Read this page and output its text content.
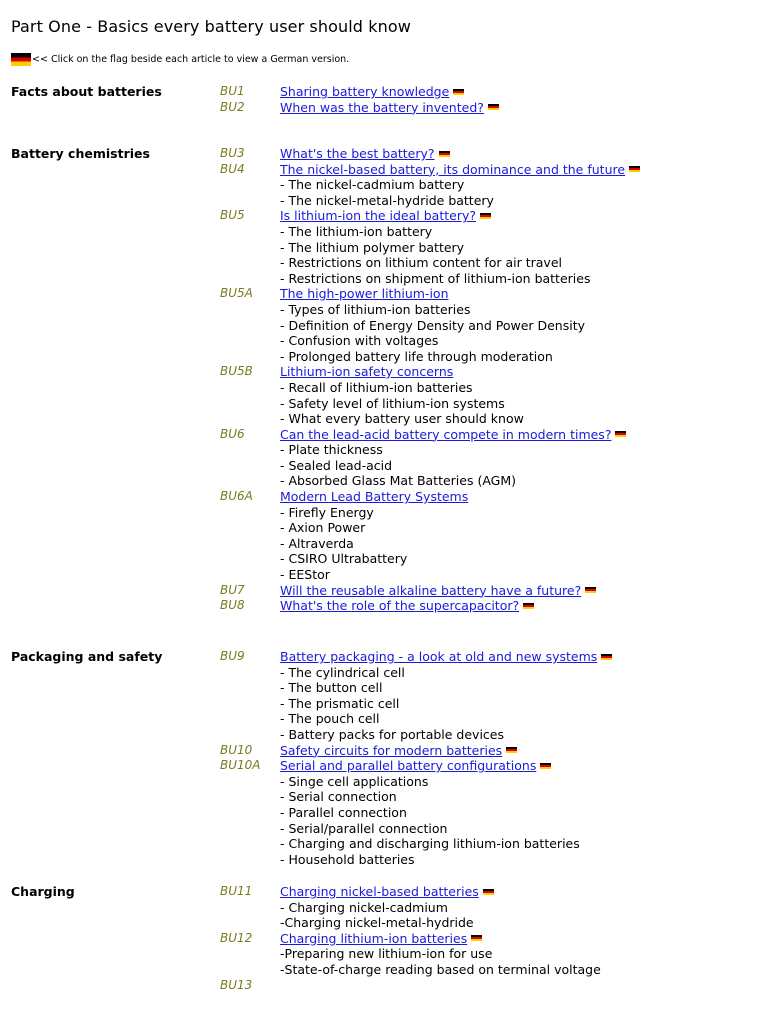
Part One - Basics every battery user should know
<< Click on the flag beside each article to view a German version.
Facts about batteries	BU1	Sharing battery knowledge
BU2	When was the battery invented?
Battery chemistries	BU3	What's the best battery?
BU4	The nickel-based battery, its dominance and the future
- The nickel-cadmium battery
- The nickel-metal-hydride battery
BU5	Is lithium-ion the ideal battery?
- The lithium-ion battery
- The lithium polymer battery
- Restrictions on lithium content for air travel
- Restrictions on shipment of lithium-ion batteries
BU5A The high-power lithium-ion
- Types of lithium-ion batteries
- Definition of Energy Density and Power Density
- Confusion with voltages
- Prolonged battery life through moderation
BU5B Lithium-ion safety concerns
- Recall of lithium-ion batteries
- Safety level of lithium-ion systems
- What every battery user should know
BU6	Can the lead-acid battery compete in modern times?
- Plate thickness
- Sealed lead-acid
- Absorbed Glass Mat Batteries (AGM)
BU6A Modern Lead Battery Systems
- Firefly Energy
- Axion Power
- Altraverda
- CSIRO Ultrabattery
- EEStor
BU7	Will the reusable alkaline battery have a future?
BU8	What's the role of the supercapacitor?
Packaging and safety	BU9	Battery packaging - a look at old and new systems
- The cylindrical cell
- The button cell
- The prismatic cell
- The pouch cell
- Battery packs for portable devices
BU10 Safety circuits for modern batteries
BU10A Serial and parallel battery configurations
- Singe cell applications
- Serial connection
- Parallel connection
- Serial/parallel connection
- Charging and discharging lithium-ion batteries
- Household batteries
Charging	BU11 Charging nickel-based batteries
- Charging nickel-cadmium
-Charging nickel-metal-hydride
BU12 Charging lithium-ion batteries
-Preparing new lithium-ion for use
-State-of-charge reading based on terminal voltage
BU13
